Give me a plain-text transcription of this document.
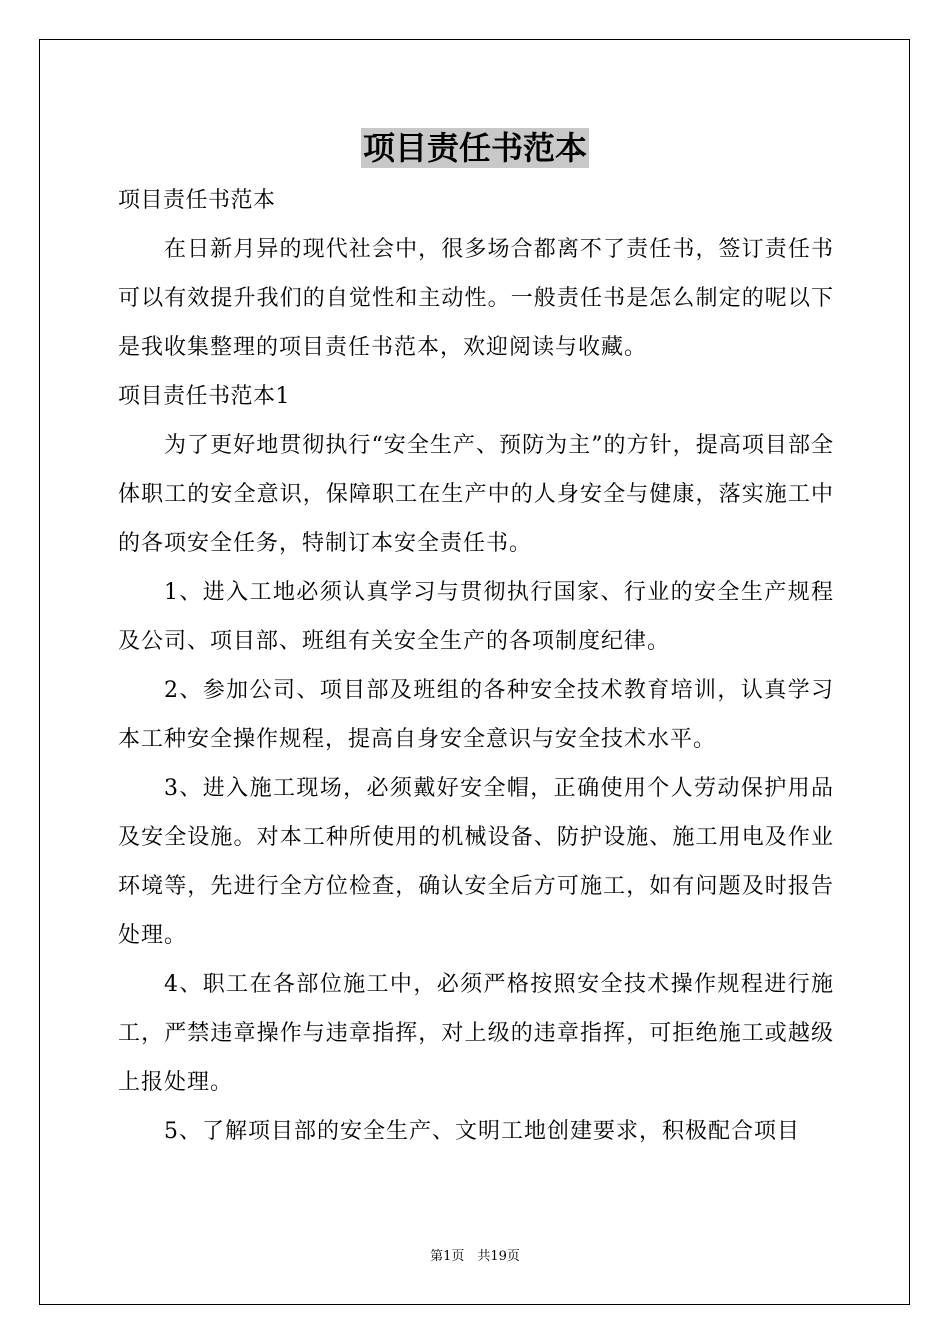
项目责任书范本

项目责任书范本

在日新月异的现代社会中，很多场合都离不了责任书，签订责任书可以有效提升我们的自觉性和主动性。一般责任书是怎么制定的呢以下是我收集整理的项目责任书范本，欢迎阅读与收藏。

项目责任书范本1

为了更好地贯彻执行“安全生产、预防为主”的方针，提高项目部全体职工的安全意识，保障职工在生产中的人身安全与健康，落实施工中的各项安全任务，特制订本安全责任书。

1、进入工地必须认真学习与贯彻执行国家、行业的安全生产规程及公司、项目部、班组有关安全生产的各项制度纪律。

2、参加公司、项目部及班组的各种安全技术教育培训，认真学习本工种安全操作规程，提高自身安全意识与安全技术水平。

3、进入施工现场，必须戴好安全帽，正确使用个人劳动保护用品及安全设施。对本工种所使用的机械设备、防护设施、施工用电及作业环境等，先进行全方位检查，确认安全后方可施工，如有问题及时报告处理。

4、职工在各部位施工中，必须严格按照安全技术操作规程进行施工，严禁违章操作与违章指挥，对上级的违章指挥，可拒绝施工或越级上报处理。

5、了解项目部的安全生产、文明工地创建要求，积极配合项目

第1页　共19页
